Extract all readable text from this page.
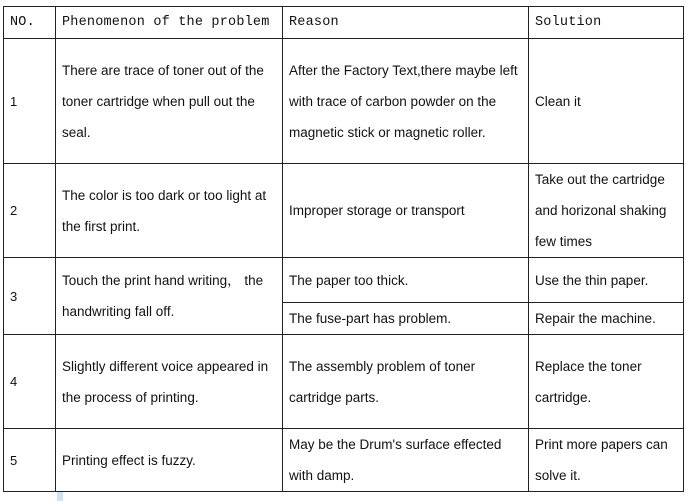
NO.	Phenomenon of the problem	Reason	Solution
1	There are trace of toner out of the toner cartridge when pull out the seal.	After the Factory Text,there maybe left with trace of carbon powder on the magnetic stick or magnetic roller.	Clean it
2	The color is too dark or too light at the first print.	Improper storage or transport	Take out the cartridge and horizonal shaking few times
3	Touch the print hand writing， the handwriting fall off.	The paper too thick.	Use the thin paper.
		The fuse-part has problem.	Repair the machine.
4	Slightly different voice appeared in the process of printing.	The assembly problem of toner cartridge parts.	Replace the toner cartridge.
5	Printing effect is fuzzy.	May be the Drum's surface effected with damp.	Print more papers can solve it.
